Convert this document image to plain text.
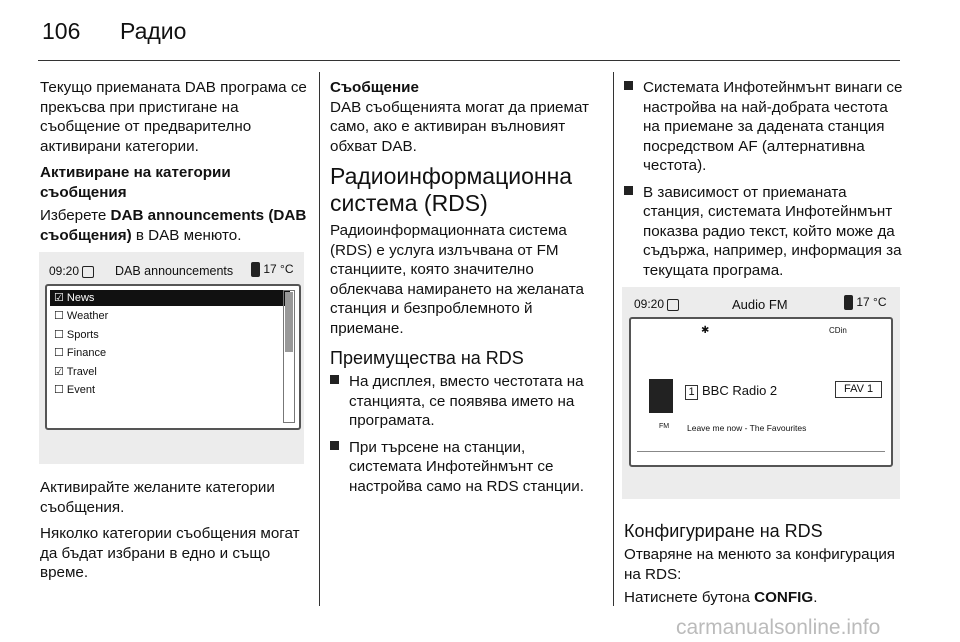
106 Радио

Текущо приеманата DAB програма се прекъсва при пристигане на съобщение от предварително активирани категории.

Активиране на категории съобщения

Изберете DAB announcements (DAB съобщения) в DAB менюто.

09:20	DAB announcements	17 °C
☑ News
☐ Weather
☐ Sports
☐ Finance
☑ Travel
☐ Event

Активирайте желаните категории съобщения.

Няколко категории съобщения могат да бъдат избрани в едно и също време.

Съобщение

DAB съобщенията могат да приемат само, ако е активиран вълновият обхват DAB.

Радиоинформационна система (RDS)

Радиоинформационната система (RDS) е услуга излъчвана от FM станциите, която значително облекчава намирането на желаната станция и безпроблемното й приемане.

Преимущества на RDS
На дисплея, вместо честотата на станцията, се появява името на програмата.
При търсене на станции, системата Инфотейнмънт се настройва само на RDS станции.
Системата Инфотейнмънт винаги се настройва на най-добрата честота на приемане за дадената станция посредством AF (алтернативна честота).
В зависимост от приеманата станция, системата Инфотейнмънт показва радио текст, който може да съдържа, например, информация за текущата програма.
09:20	Audio FM	17 °C
✱	CDin
1 BBC Radio 2	FAV 1
FM Leave me now - The Favourites
Конфигуриране на RDS

Отваряне на менюто за конфигурация на RDS:

Натиснете бутона CONFIG.

carmanualsonline.info
